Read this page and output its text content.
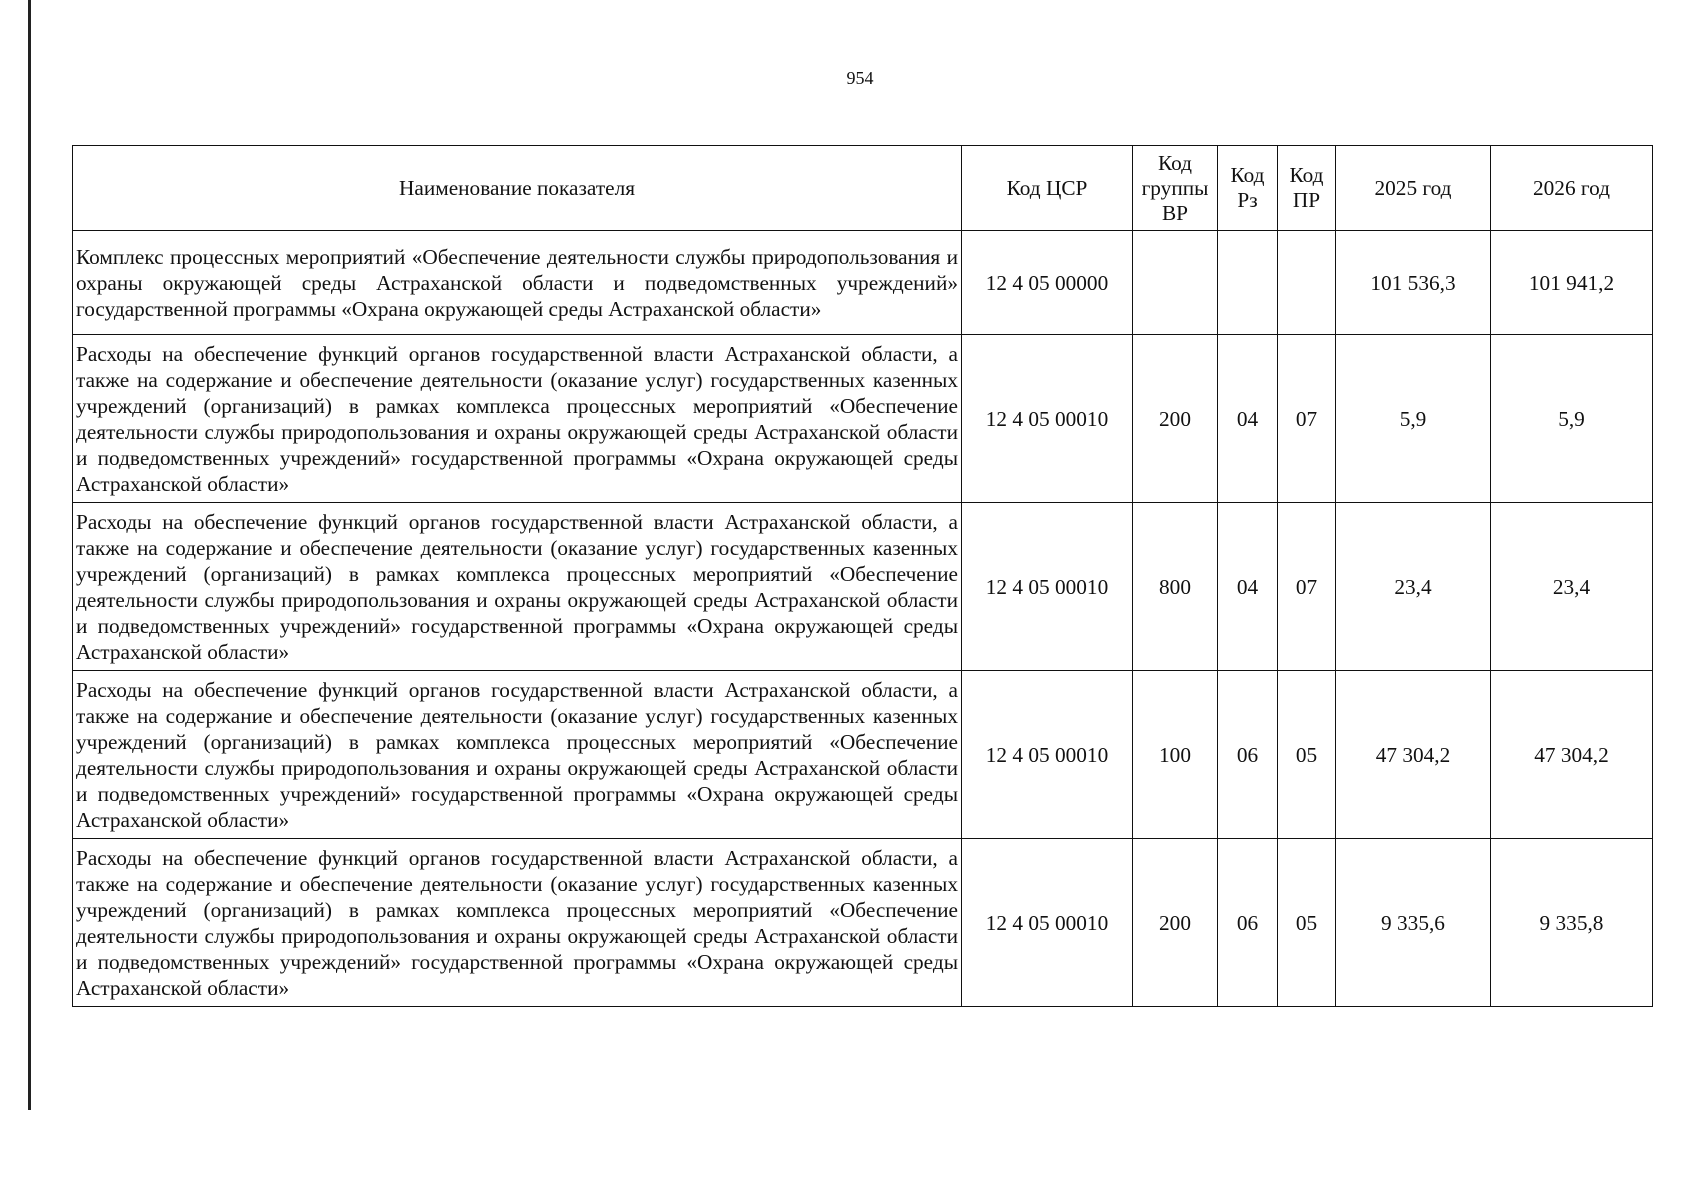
954
Наименование показателя	Код ЦСР	Код группы ВР	Код Рз	Код ПР	2025 год	2026 год
Комплекс процессных мероприятий «Обеспечение деятельности службы природопользования и охраны окружающей среды Астраханской области и подведомственных учреждений» государственной программы «Охрана окружающей среды Астраханской области»	12 4 05 00000				101 536,3	101 941,2
Расходы на обеспечение функций органов государственной власти Астраханской области, а также на содержание и обеспечение деятельности (оказание услуг) государственных казенных учреждений (организаций) в рамках комплекса процессных мероприятий «Обеспечение деятельности службы природопользования и охраны окружающей среды Астраханской области и подведомственных учреждений» государственной программы «Охрана окружающей среды Астраханской области»	12 4 05 00010	200	04	07	5,9	5,9
Расходы на обеспечение функций органов государственной власти Астраханской области, а также на содержание и обеспечение деятельности (оказание услуг) государственных казенных учреждений (организаций) в рамках комплекса процессных мероприятий «Обеспечение деятельности службы природопользования и охраны окружающей среды Астраханской области и подведомственных учреждений» государственной программы «Охрана окружающей среды Астраханской области»	12 4 05 00010	800	04	07	23,4	23,4
Расходы на обеспечение функций органов государственной власти Астраханской области, а также на содержание и обеспечение деятельности (оказание услуг) государственных казенных учреждений (организаций) в рамках комплекса процессных мероприятий «Обеспечение деятельности службы природопользования и охраны окружающей среды Астраханской области и подведомственных учреждений» государственной программы «Охрана окружающей среды Астраханской области»	12 4 05 00010	100	06	05	47 304,2	47 304,2
Расходы на обеспечение функций органов государственной власти Астраханской области, а также на содержание и обеспечение деятельности (оказание услуг) государственных казенных учреждений (организаций) в рамках комплекса процессных мероприятий «Обеспечение деятельности службы природопользования и охраны окружающей среды Астраханской области и подведомственных учреждений» государственной программы «Охрана окружающей среды Астраханской области»	12 4 05 00010	200	06	05	9 335,6	9 335,8
